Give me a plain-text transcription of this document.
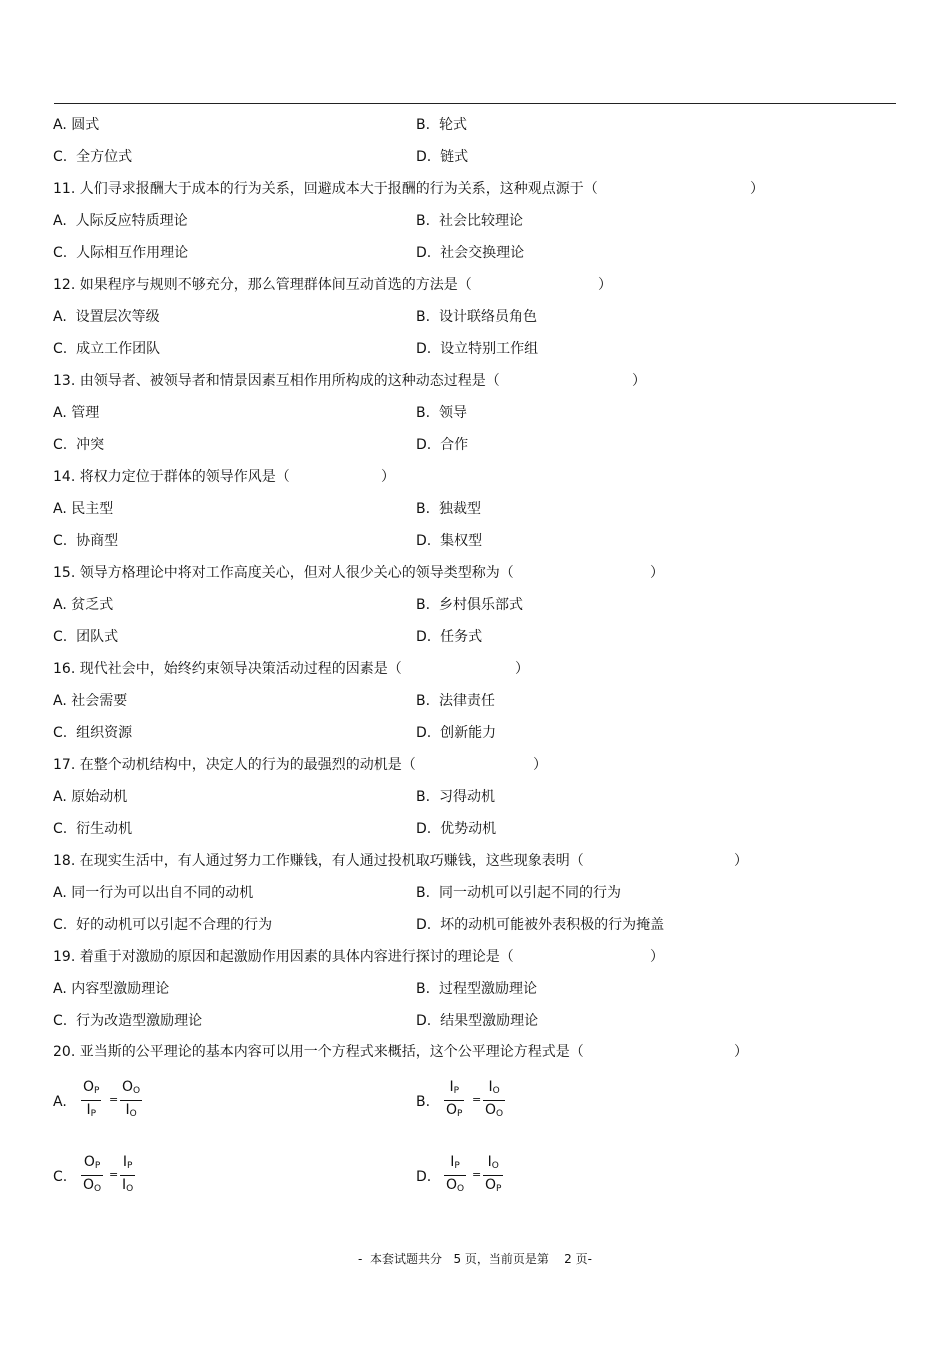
A. 圆式	B.  轮式
C.  全方位式	D.  链式
11. 人们寻求报酬大于成本的行为关系，回避成本大于报酬的行为关系，这种观点源于（	）
A.  人际反应特质理论	B.  社会比较理论
C.  人际相互作用理论	D.  社会交换理论
12. 如果程序与规则不够充分，那么管理群体间互动首选的方法是（	）
A.  设置层次等级	B.  设计联络员角色
C.  成立工作团队	D.  设立特别工作组
13. 由领导者、被领导者和情景因素互相作用所构成的这种动态过程是（	）
A. 管理	B.  领导
C.  冲突	D.  合作
14. 将权力定位于群体的领导作风是（	）
A. 民主型	B.  独裁型
C.  协商型	D.  集权型
15. 领导方格理论中将对工作高度关心，但对人很少关心的领导类型称为（	）
A. 贫乏式	B.  乡村俱乐部式
C.  团队式	D.  任务式
16. 现代社会中，始终约束领导决策活动过程的因素是（	）
A. 社会需要	B.  法律责任
C.  组织资源	D.  创新能力
17. 在整个动机结构中，决定人的行为的最强烈的动机是（	）
A. 原始动机	B.  习得动机
C.  衍生动机	D.  优势动机
18. 在现实生活中，有人通过努力工作赚钱，有人通过投机取巧赚钱，这些现象表明（	）
A. 同一行为可以出自不同的动机	B.  同一动机可以引起不同的行为
C.  好的动机可以引起不合理的行为	D.  坏的动机可能被外表积极的行为掩盖
19. 着重于对激励的原因和起激励作用因素的具体内容进行探讨的理论是（	）
A. 内容型激励理论	B.  过程型激励理论
C.  行为改造型激励理论	D.  结果型激励理论
20. 亚当斯的公平理论的基本内容可以用一个方程式来概括，这个公平理论方程式是（	）
A. $\frac{O_P}{I_P} = \frac{O_O}{I_O}$	B. $\frac{I_P}{O_P} = \frac{I_O}{O_O}$
C. $\frac{O_P}{O_O} = \frac{I_P}{I_O}$	D. $\frac{I_P}{O_O} = \frac{I_O}{O_P}$
-  本套试题共分   5 页，当前页是第    2 页-
